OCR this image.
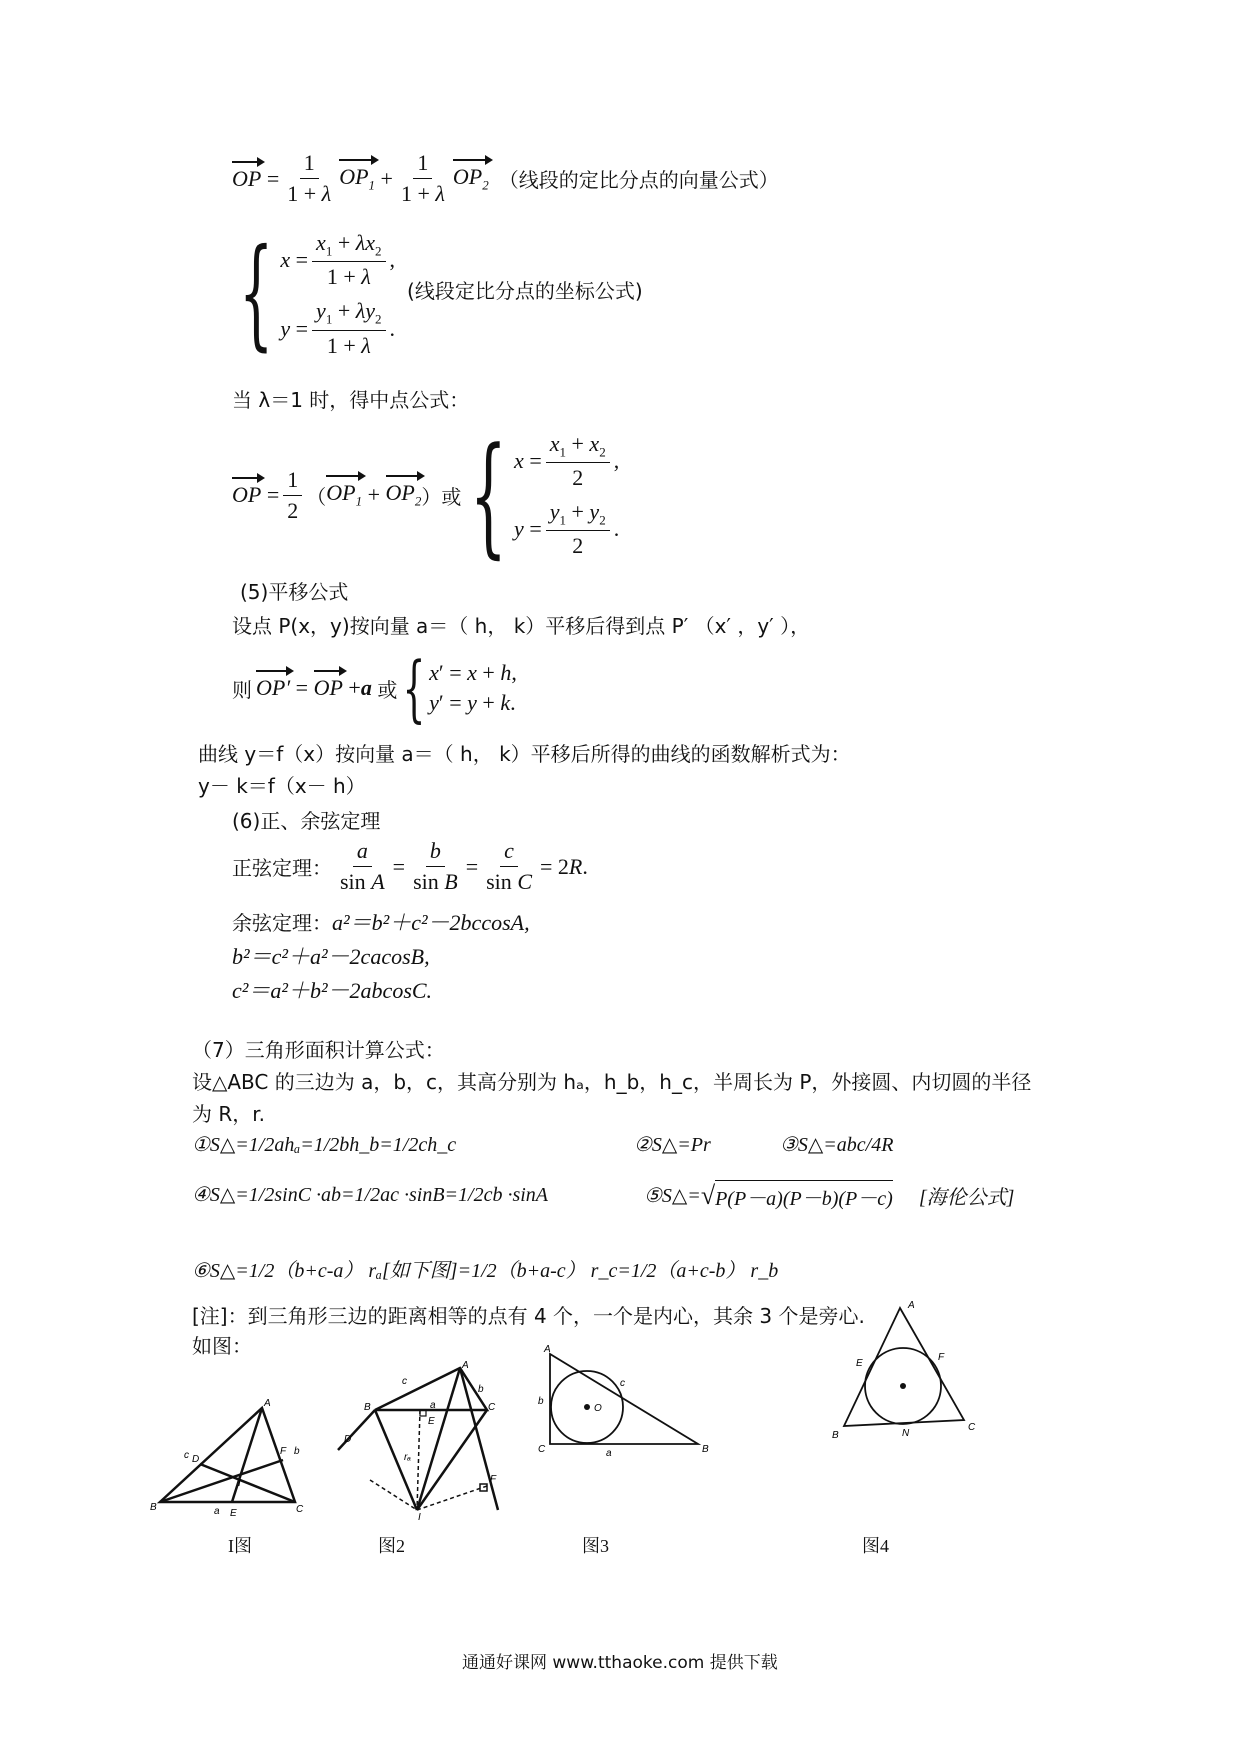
OP = $\frac{1}{1 + \lambda} OP_1 + \frac{1}{1 + \lambda} OP_2$ （线段的定比分点的向量公式）
{ $x = \frac{x_1 + \lambda x_2}{1 + \lambda}$ ,
$y = \frac{y_1 + \lambda y_2}{1 + \lambda}$ .
(线段定比分点的坐标公式)
当 λ＝1 时，得中点公式：
OP = $\frac{1}{2}$ （ $OP_1 + OP_2$ ） 或 { $x = \frac{x_1 + x_2}{2}$ ,
$y = \frac{y_1 + y_2}{2}$ .
(5)平移公式
设点 P(x，y)按向量 a＝（ h， k）平移后得到点 P′ （x′ ，y′ ），
则 OP′ = OP + a
或 { x′ = x + h,
y′ = y + k.
曲线 y＝f（x）按向量 a＝（ h， k）平移后所得的曲线的函数解析式为：
y－ k＝f（x－ h）
(6)正、余弦定理
正弦定理： $\frac{a}{\text{sin A}} = \frac{b}{\text{sin B}} = \frac{c}{\text{sin C}} = 2$ R .
余弦定理：a²＝b²＋c²－2bccosA,
b²＝c²＋a²－2cacosB,
c²＝a²＋b²－2abcosC.
（7）三角形面积计算公式：
设△ABC 的三边为 a，b，c，其高分别为 hₐ，h_b，h_c，半周长为 P，外接圆、内切圆的半径
为 R，r.
①S△=1/2ahₐ=1/2bh_b=1/2ch_c	②S△=Pr	③S△=abc/4R
④S△=1/2sinC ∙ab=1/2ac ∙sinB=1/2cb ∙sinA	⑤S△= √ P(P－a)(P－b)(P－c) [海伦公式]
⑥S△=1/2（b+c-a） rₐ[如下图]=1/2（b+a-c） r_c=1/2（a+c-b） r_b
[注]：到三角形三边的距离相等的点有 4 个，一个是内心，其余 3 个是旁心.
如图：
A
B	C
D
E
F
I
a
b
c
A
B	C
D
E
F
I
a
b
c
rₐ
A
B
C
O
a
b
c
A
B
C
E
F
N
I图	图2	图3	图4
通通好课网 www.tthaoke.com 提供下载
